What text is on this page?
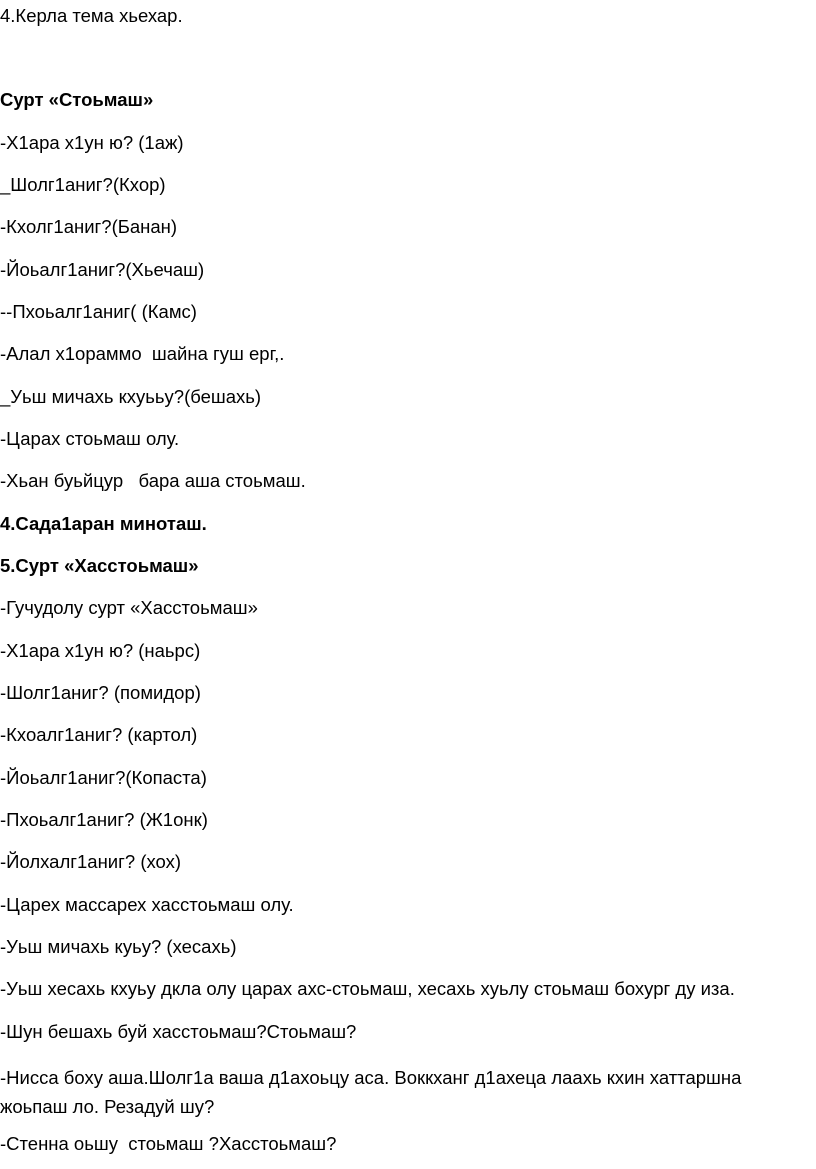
4.Керла тема хьехар.

Сурт «Стоьмаш»

-Х1ара х1ун ю? (1аж)

_Шолг1аниг?(Кхор)

-Кхолг1аниг?(Банан)

-Йоьалг1аниг?(Хьечаш)

--Пхоьалг1аниг( (Камс)

-Алал х1ораммо  шайна гуш ерг,.

_Уьш мичахь кхуььу?(бешахь)

-Царах стоьмаш олу.

-Хьан буьйцур   бара аша стоьмаш.

4.Сада1аран миноташ.

5.Сурт «Хасстоьмаш»

-Гучудолу сурт «Хасстоьмаш»

-Х1ара х1ун ю? (наьрс)

-Шолг1аниг? (помидор)

-Кхоалг1аниг? (картол)

-Йоьалг1аниг?(Копаста)

-Пхоьалг1аниг? (Ж1онк)

-Йолхалг1аниг? (хох)

-Царех массарех хасстоьмаш олу.

-Уьш мичахь куьу? (хесахь)

-Уьш хесахь кхуьу дкла олу царах ахс-стоьмаш, хесахь хуьлу стоьмаш бохург ду иза.

-Шун бешахь буй хасстоьмаш?Стоьмаш?

-Нисса боху аша.Шолг1а ваша д1ахоьцу аса. Воккханг д1ахеца лаахь кхин хаттаршна жоьпаш ло. Резадуй шу?

-Стенна оьшу  стоьмаш ?Хасстоьмаш?
